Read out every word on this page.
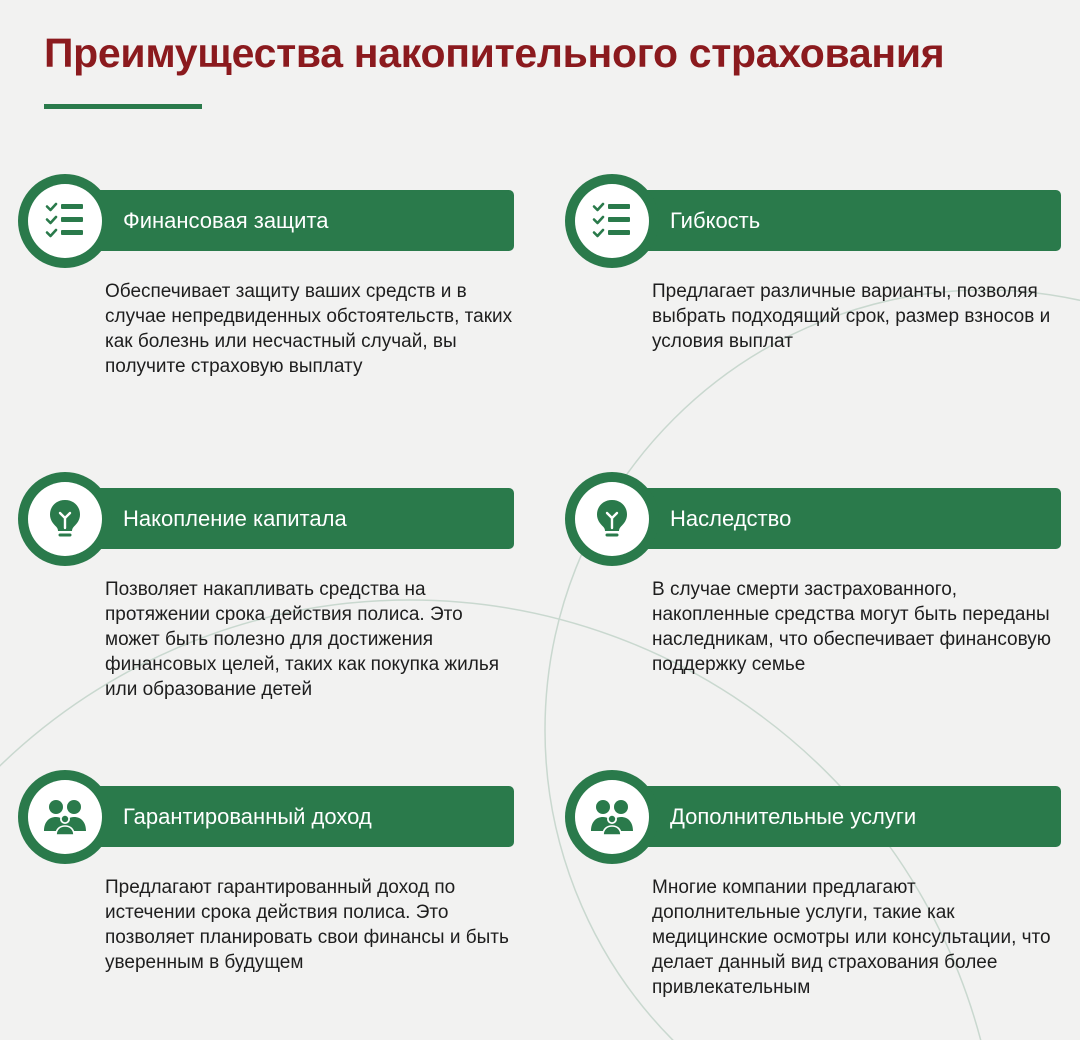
Преимущества накопительного страхования
Финансовая защита

Обеспечивает защиту ваших средств и в случае непредвиденных обстоятельств, таких как болезнь или несчастный случай, вы получите страховую выплату

Гибкость

Предлагает различные варианты, позволяя выбрать подходящий срок, размер взносов и условия выплат

Накопление капитала

Позволяет накапливать средства на протяжении срока действия полиса. Это может быть полезно для достижения финансовых целей, таких как покупка жилья или образование детей

Наследство

В случае смерти застрахованного, накопленные средства могут быть переданы наследникам, что обеспечивает финансовую поддержку семье

Гарантированный доход

Предлагают гарантированный доход по истечении срока действия полиса. Это позволяет планировать свои финансы и быть уверенным в будущем

Дополнительные услуги

Многие компании предлагают дополнительные услуги, такие как медицинские осмотры или консультации, что делает данный вид страхования более привлекательным
